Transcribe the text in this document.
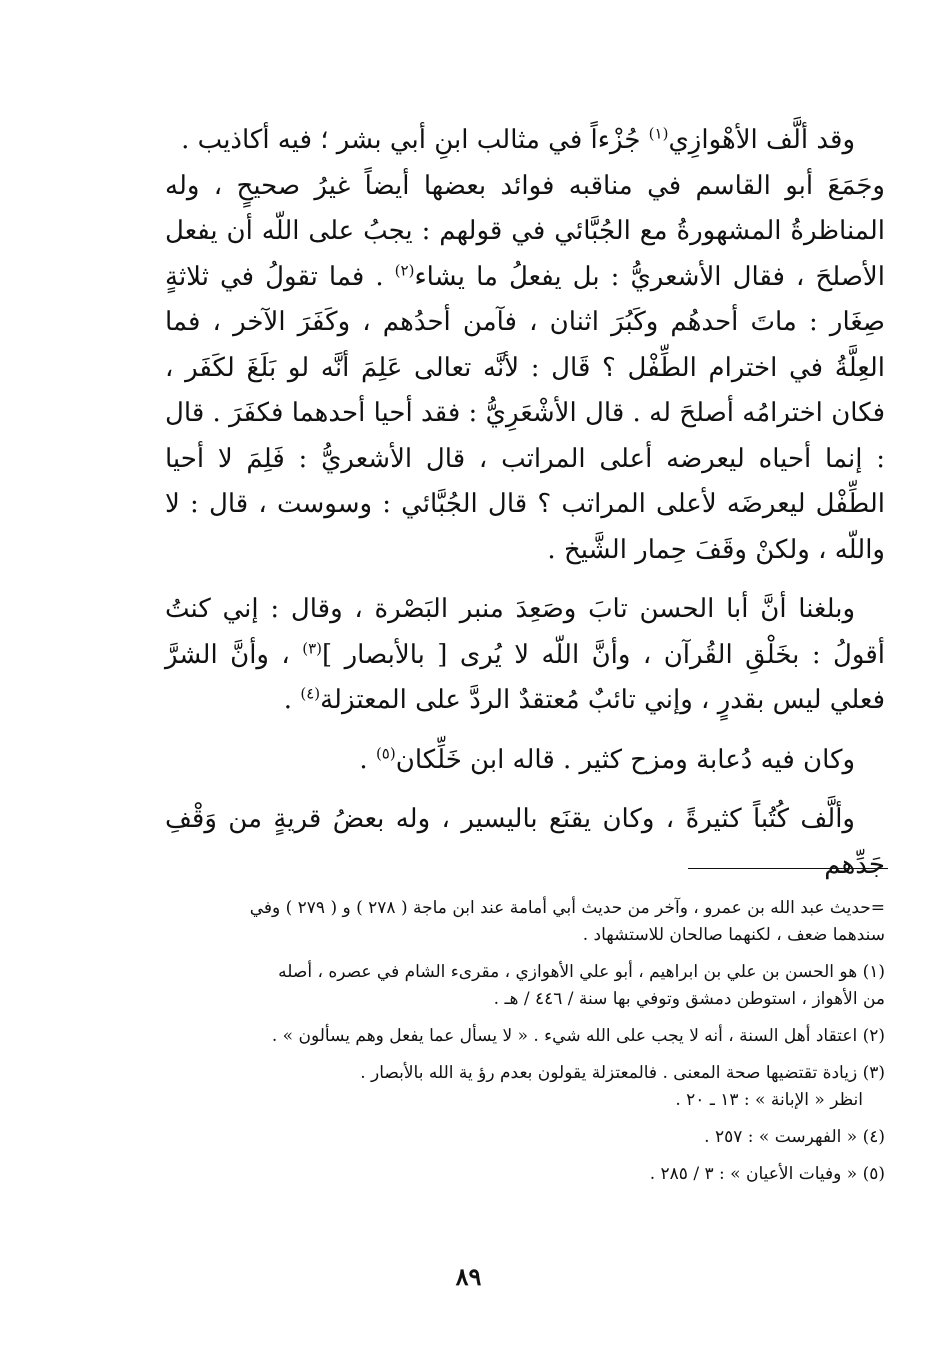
وقد ألَّف الأهْوازِي$^{(١)}$ جُزْءاً في مثالب ابنِ أبي بشر ؛ فيه أكاذيب .

وجَمَعَ أبو القاسم في مناقبه فوائد بعضها أيضاً غيرُ صحيحٍ ، وله المناظرةُ المشهورةُ مع الجُبَّائي في قولهم : يجبُ على اللّه أن يفعل الأصلحَ ، فقال الأشعريُّ : بل يفعلُ ما يشاء$^{(٢)}$ . فما تقولُ في ثلاثةٍ صِغَار : ماتَ أحدهُم وكَبُرَ اثنان ، فآمن أحدُهم ، وكَفَرَ الآخر ، فما العِلَّةُ في اخترام الطِّفْل ؟ قَال : لأنَّه تعالى عَلِمَ أنَّه لو بَلَغَ لكَفَر ، فكان اخترامُه أصلحَ له . قال الأشْعَرِيُّ : فقد أحيا أحدهما فكفَرَ . قال : إنما أحياه ليعرضه أعلى المراتب ، قال الأشعريُّ : فَلِمَ لا أحيا الطِّفْل ليعرضَه لأعلى المراتب ؟ قال الجُبَّائي : وسوست ، قال : لا واللّه ، ولكنْ وقَفَ حِمار الشَّيخ .

وبلغنا أنَّ أبا الحسن تابَ وصَعِدَ منبر البَصْرة ، وقال : إني كنتُ أقولُ : بخَلْقِ القُرآن ، وأنَّ اللّه لا يُرى [ بالأبصار ]$^{(٣)}$ ، وأنَّ الشرَّ فعلي ليس بقدرٍ ، وإني تائبٌ مُعتقدٌ الردَّ على المعتزلة$^{(٤)}$ .

وكان فيه دُعابة ومزح كثير . قاله ابن خَلِّكان$^{(٥)}$ .

وألَّف كُتُباً كثيرةً ، وكان يقنَع باليسير ، وله بعضُ قريةٍ من وَقْفِ جَدِّهم

=حديث عبد الله بن عمرو ، وآخر من حديث أبي أمامة عند ابن ماجة ( ٢٧٨ ) و ( ٢٧٩ ) وفي
سندهما ضعف ، لكنهما صالحان للاستشهاد .

(١) هو الحسن بن علي بن ابراهيم ، أبو علي الأهوازي ، مقرىء الشام في عصره ، أصله
من الأهواز ، استوطن دمشق وتوفي بها سنة / ٤٤٦ / هـ .

(٢) اعتقاد أهل السنة ، أنه لا يجب على الله شيء . « لا يسأل عما يفعل وهم يسألون » .

(٣) زيادة تقتضيها صحة المعنى . فالمعتزلة يقولون بعدم رؤ ية الله بالأبصار .
انظر « الإبانة » : ١٣ ـ ٢٠ .

(٤) « الفهرست » : ٢٥٧ .

(٥) « وفيات الأعيان » : ٣ / ٢٨٥ .

٨٩
